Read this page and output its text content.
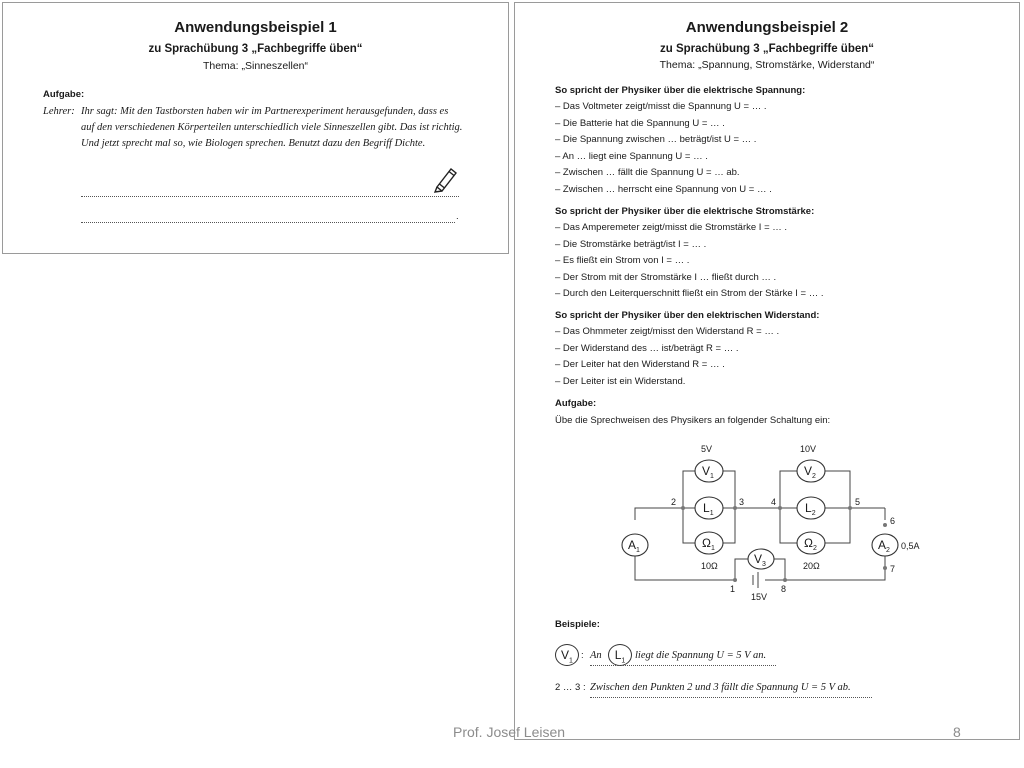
Anwendungsbeispiel 1
zu Sprachübung 3 „Fachbegriffe üben“
Thema: „Sinneszellen“
Aufgabe:
Lehrer: Ihr sagt: Mit den Tastborsten haben wir im Partnerexperiment herausgefunden, dass es
auf den verschiedenen Körperteilen unterschiedlich viele Sinneszellen gibt. Das ist richtig.
Und jetzt sprecht mal so, wie Biologen sprechen. Benutzt dazu den Begriff Dichte.
.
Anwendungsbeispiel 2
zu Sprachübung 3 „Fachbegriffe üben“
Thema: „Spannung, Stromstärke, Widerstand“
So spricht der Physiker über die elektrische Spannung:
– Das Voltmeter zeigt/misst die Spannung U = … .
– Die Batterie hat die Spannung U = … .
– Die Spannung zwischen … beträgt/ist U = … .
– An … liegt eine Spannung U = … .
– Zwischen … fällt die Spannung U = … ab.
– Zwischen … herrscht eine Spannung von U = … .
So spricht der Physiker über die elektrische Stromstärke:
– Das Amperemeter zeigt/misst die Stromstärke I = … .
– Die Stromstärke beträgt/ist I = … .
– Es fließt ein Strom von I = … .
– Der Strom mit der Stromstärke I … fließt durch … .
– Durch den Leiterquerschnitt fließt ein Strom der Stärke I = … .
So spricht der Physiker über den elektrischen Widerstand:
– Das Ohmmeter zeigt/misst den Widerstand R = … .
– Der Widerstand des … ist/beträgt R = … .
– Der Leiter hat den Widerstand R = … .
– Der Leiter ist ein Widerstand.
Aufgabe:
Übe die Sprechweisen des Physikers an folgender Schaltung ein:
$V_1$	$V_2$
$L_1$	$L_2$
$\Omega_1$	$\Omega_2$
$A_1$	$A_2$
$V_3$
5V	10V
10Ω	20Ω
15V
0,5A
2	3	4	5
6
7
1	8
Beispiele:
$V_1$ : An	$L_1$ liegt die Spannung U = 5 V an.
2 … 3 : Zwischen den Punkten 2 und 3 fällt die Spannung U = 5 V ab.
Prof. Josef Leisen	8
